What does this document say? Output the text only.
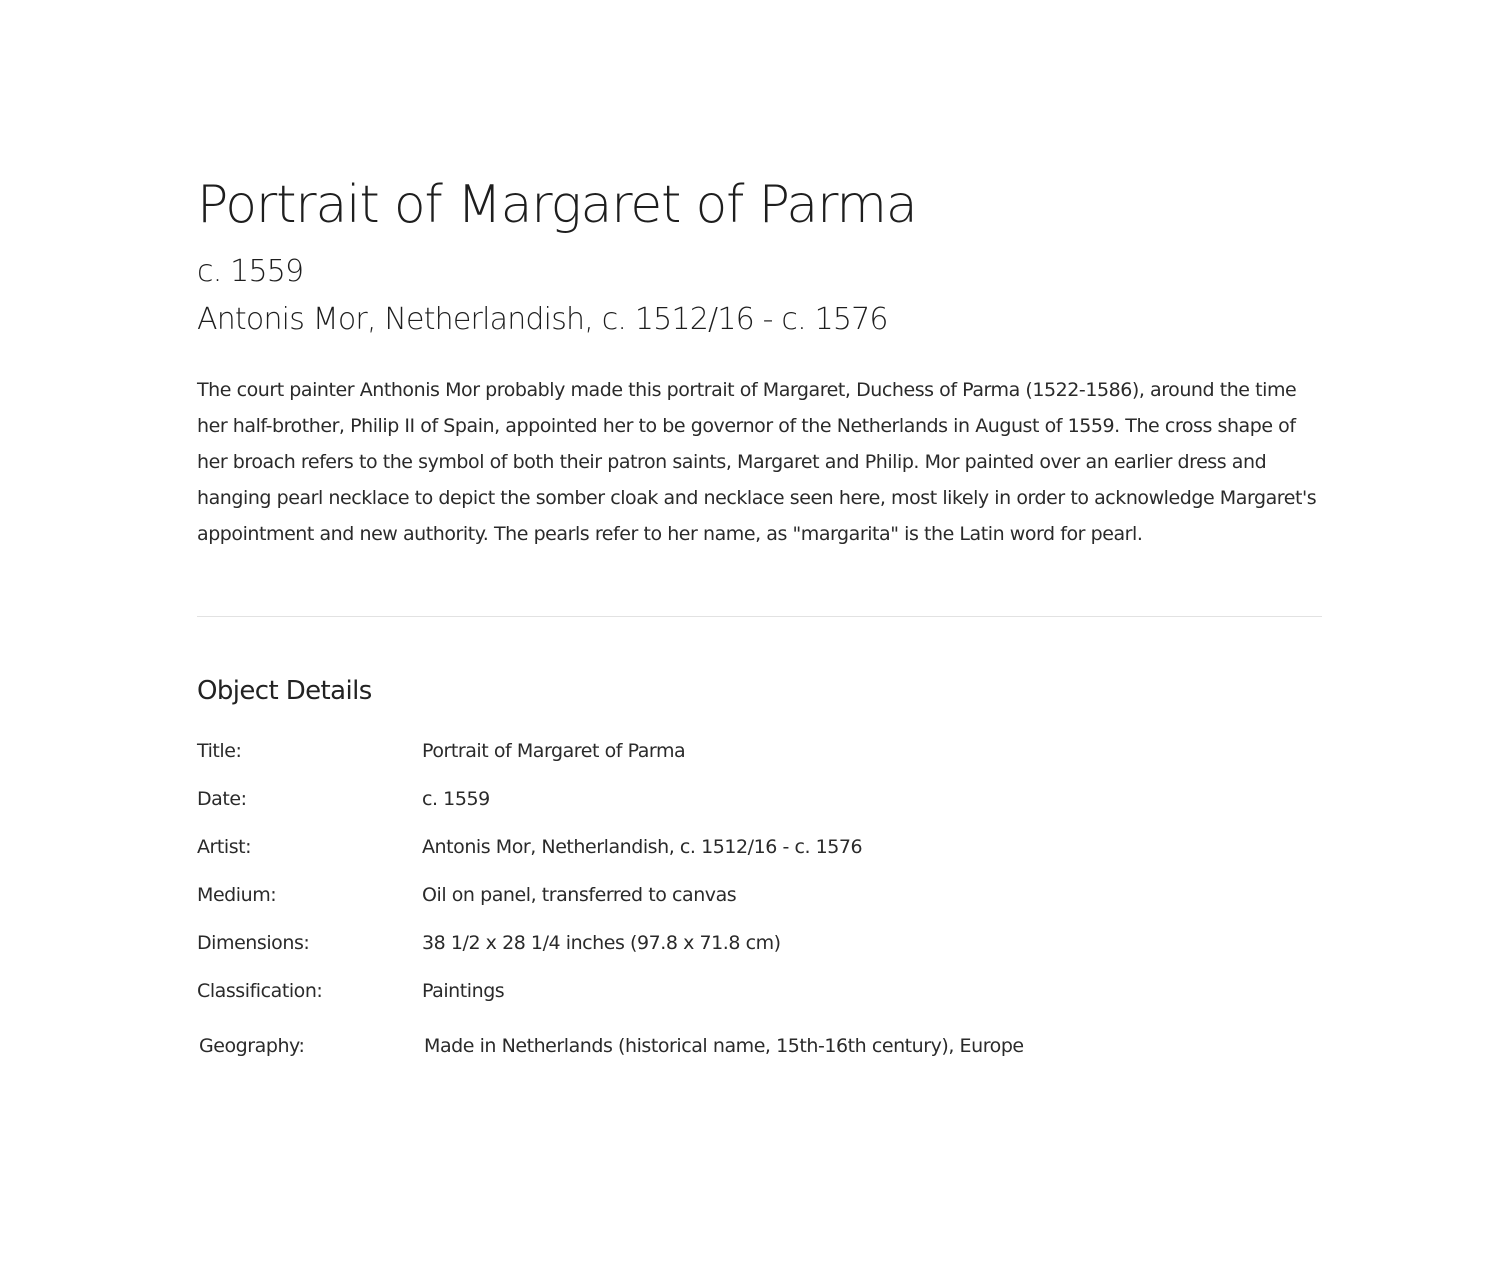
Portrait of Margaret of Parma
c. 1559
Antonis Mor, Netherlandish, c. 1512/16 - c. 1576

The court painter Anthonis Mor probably made this portrait of Margaret, Duchess of Parma (1522-1586), around the time her half-brother, Philip II of Spain, appointed her to be governor of the Netherlands in August of 1559. The cross shape of her broach refers to the symbol of both their patron saints, Margaret and Philip. Mor painted over an earlier dress and hanging pearl necklace to depict the somber cloak and necklace seen here, most likely in order to acknowledge Margaret's appointment and new authority. The pearls refer to her name, as "margarita" is the Latin word for pearl.

Object Details
Title:	Portrait of Margaret of Parma
Date:	c. 1559
Artist:	Antonis Mor, Netherlandish, c. 1512/16 - c. 1576
Medium:	Oil on panel, transferred to canvas
Dimensions:	38 1/2 x 28 1/4 inches (97.8 x 71.8 cm)
Classification:	Paintings
Geography:	Made in Netherlands (historical name, 15th-16th century), Europe
